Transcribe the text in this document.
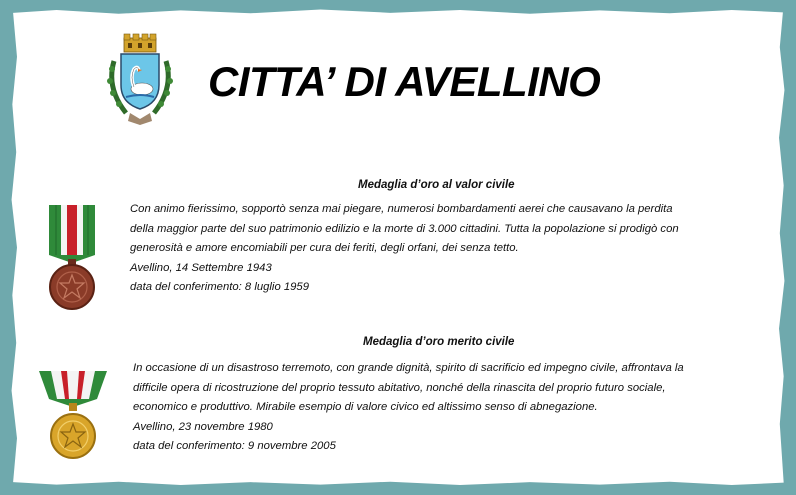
CITTA’ DI AVELLINO
Medaglia d’oro al valor civile
Con animo fierissimo, sopportò senza mai piegare, numerosi bombardamenti aerei che causavano la perdita
della maggior parte del suo patrimonio edilizio e la morte di 3.000 cittadini. Tutta la popolazione si prodigò con
generosità e amore encomiabili per cura dei feriti, degli orfani, dei senza tetto.
Avellino, 14 Settembre 1943
data del conferimento: 8 luglio 1959
Medaglia d’oro merito civile
In occasione di un disastroso terremoto, con grande dignità, spirito di sacrificio ed impegno civile, affrontava la
difficile opera di ricostruzione del proprio tessuto abitativo, nonché della rinascita del proprio futuro sociale,
economico e produttivo. Mirabile esempio di valore civico ed altissimo senso di abnegazione.
Avellino, 23 novembre 1980
data del conferimento: 9 novembre 2005
